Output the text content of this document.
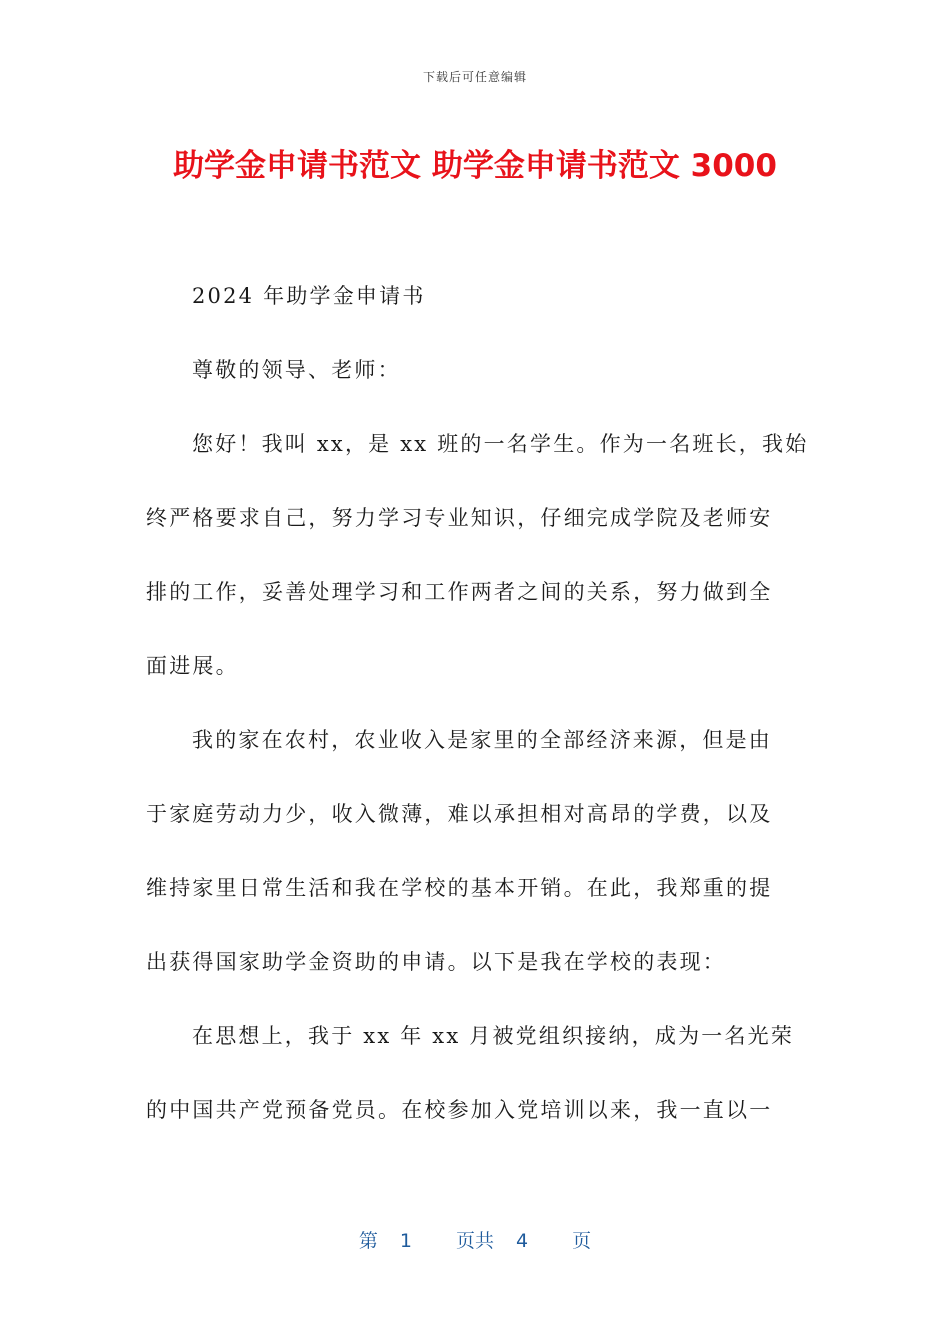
下载后可任意编辑
助学金申请书范文 助学金申请书范文 3000
2024 年助学金申请书
尊敬的领导、老师：
您好！我叫 xx，是 xx 班的一名学生。作为一名班长，我始
终严格要求自己，努力学习专业知识，仔细完成学院及老师安
排的工作，妥善处理学习和工作两者之间的关系，努力做到全
面进展。
我的家在农村，农业收入是家里的全部经济来源，但是由
于家庭劳动力少，收入微薄，难以承担相对高昂的学费，以及
维持家里日常生活和我在学校的基本开销。在此，我郑重的提
出获得国家助学金资助的申请。以下是我在学校的表现：
在思想上，我于 xx 年 xx 月被党组织接纳，成为一名光荣
的中国共产党预备党员。在校参加入党培训以来，我一直以一
第 1 页共 4 页
